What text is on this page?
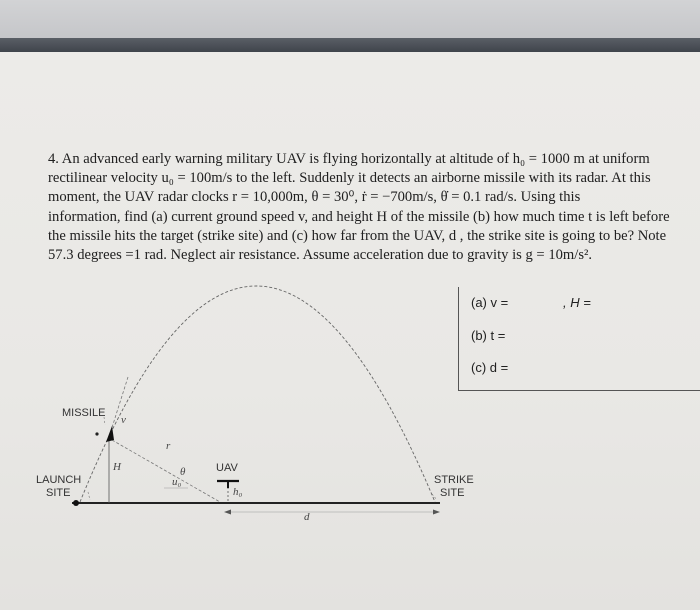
4. An advanced early warning military UAV is flying horizontally at altitude of h₀ = 1000 m at uniform

rectilinear velocity u₀ = 100m/s to the left. Suddenly it detects an airborne missile with its radar. At this

moment, the UAV radar clocks r = 10,000m, θ = 30⁰, ṙ = −700m/s, θ̇ = 0.1 rad/s. Using this

information, find (a) current ground speed v, and height H of the missile (b) how much time t is left before

the missile hits the target (strike site) and (c) how far from the UAV, d , the strike site is going to be? Note

57.3 degrees =1 rad. Neglect air resistance. Assume acceleration due to gravity is g = 10m/s².

MISSILE
LAUNCH
SITE
STRIKE
SITE
UAV
v
r
H	θ
u₀
h₀
d
(a) v =	, H =
(b) t =
(c) d =
